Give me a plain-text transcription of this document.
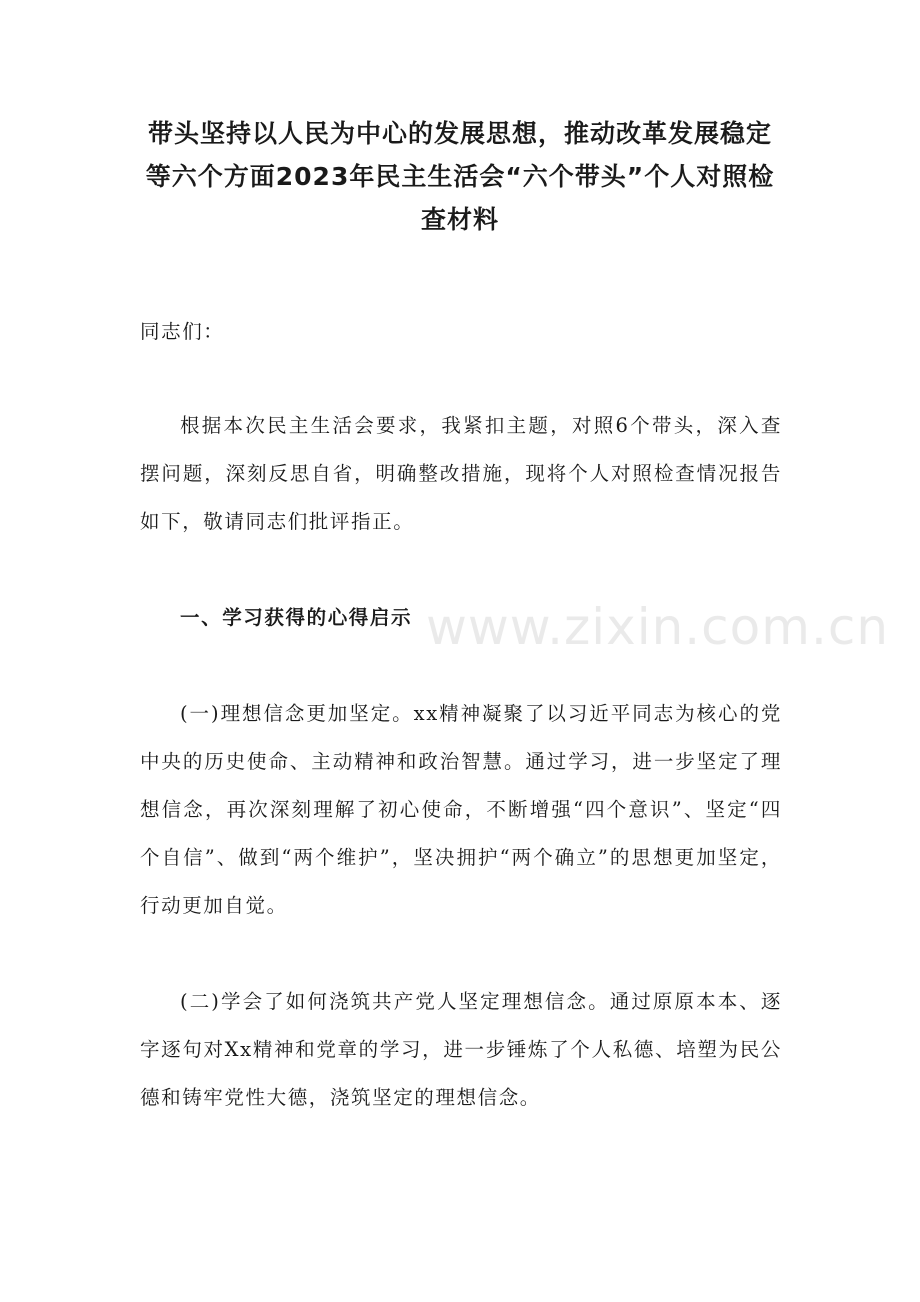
带头坚持以人民为中心的发展思想，推动改革发展稳定等六个方面2023年民主生活会“六个带头”个人对照检查材料

同志们：

根据本次民主生活会要求，我紧扣主题，对照6个带头，深入查摆问题，深刻反思自省，明确整改措施，现将个人对照检查情况报告如下，敬请同志们批评指正。

一、学习获得的心得启示

(一)理想信念更加坚定。xx精神凝聚了以习近平同志为核心的党中央的历史使命、主动精神和政治智慧。通过学习，进一步坚定了理想信念，再次深刻理解了初心使命，不断增强“四个意识”、坚定“四个自信”、做到“两个维护”，坚决拥护“两个确立”的思想更加坚定，行动更加自觉。

(二)学会了如何浇筑共产党人坚定理想信念。通过原原本本、逐字逐句对Xx精神和党章的学习，进一步锤炼了个人私德、培塑为民公德和铸牢党性大德，浇筑坚定的理想信念。

www.zixin.com.cn
